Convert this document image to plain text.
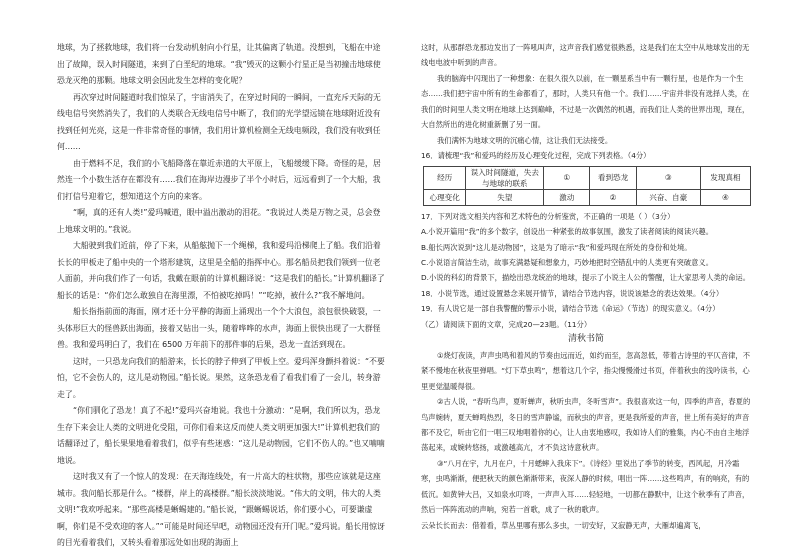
地球，为了拯救地球，我们将一台发动机射向小行星，让其偏离了轨道。没想到，飞船在中途出了故障，误入时间隧道，来到了白垩纪的地球。“我”毁灭的这颗小行星正是当初撞击地球使恐龙灭绝的那颗。地球文明会因此发生怎样的变化呢？

再次穿过时间隧道时我们惊呆了，宇宙消失了，在穿过时间的一瞬间，一直充斥天际的无线电信号突然消失了，我们的人类联合无线电信号中断了，我们的光学望远镜在地球附近没有找到任何光亮，这是一件非常奇怪的事情，我们用计算机检测全无线电频段，我们没有收到任何……

由于燃料不足，我们的小飞船降落在靠近赤道的大平原上，飞船缓缓下降。奇怪的是，居然连一个小数生活存在都没有……我们在海岸边漫步了半个小时后，远远看到了一个大船，我们打信号迎着它，想知道这个方向的来客。

“啊，真的还有人类!”爱玛喊道，眼中溢出激动的泪花。“我说过人类是万物之灵，总会登上地球文明的。”我说。

大船驶到我们近前，停了下来，从船舷抛下一个绳梯，我和爱玛沿梯爬上了船。我们沿着长长的甲板走了船中央的一个塔形建筑，这里是全船的指挥中心。那名船员把我们领到一位老人面前，并向我们作了一句话，我戴在眼前的计算机翻译说：“这是我们的船长。”计算机翻译了船长的话是：“你们怎么敢独自在海里漂，不怕被吃掉吗！”“吃掉，被什么?”我不解地问。

船长指指前面的海面，刚才还十分平静的海面上涌现出一个个大浪包，浪包很快破裂，一头体形巨大的怪兽跃出海面，接着又钻出一头，随着哗哗的水声，海面上很快出现了一大群怪兽。我和爱玛明白了，我们在 6500 万年前下的那件事的后果，恐龙一直活到现在。

这时，一只恐龙向我们的船游来，长长的脖子伸到了甲板上空。爱玛浑身颤抖着说：“不要怕，它不会伤人的，这儿是动物园。”船长说。果然，这条恐龙看了看我们看了一会儿，转身游走了。

“你们驯化了恐龙！真了不起!”爱玛兴奋地说。我也十分激动：“是啊，我们所以为，恐龙生存下来会让人类的文明进化受阻，可你们看来这反而使人类文明更加强大!”计算机把我们的话翻译过了，船长果果地看着我们，似乎有些迷惑：“这儿是动物园，它们不伤人的。”也又喃喃地说。

这时我又有了一个惊人的发现：在天海连线处，有一片高大的柱状物，那些应该就是这座城市。我问船长那是什么。“楼群，岸上的高楼群。”船长淡淡地说。“伟大的文明，伟大的人类文明!”我欢呼起来。“那些高楼是蜥蜴建的。”船长说，“跟蜥蜴说话，你们要小心，可要谦虚啊，你们是不受欢迎的客人。”“可能是时间还早吧，动物园还没有开门呢。”爱玛说。船长用惊讶的目光看着我们，又转头看着那远处如出现的海面上

这时，从那群恐龙那边发出了一阵吼叫声，这声音我们感觉很熟悉，这是我们在太空中从地球发出的无线电电波中听到的声音。

我的脑海中闪现出了一种想象：在很久很久以前，在一颗星系当中有一颗行星，也是作为一个生态……我们把宇宙中所有的生命都看了，那时，人类只有他一个。我们……宇宙并非没有选择人类，在我们的时间里人类文明在地球上达到巅峰，不过是一次偶然的机遇，而我们让人类的世界出现，现在，大自然所出的进化树重新删了另一面。

我们满怀为地球文明的沉痛心情，这让我们无法接受。

16．请梳理“我”和爱玛的经历及心理变化过程，完成下列表格。（4分）

经历	误入时间隧道，失去与地球的联系	①	看到恐龙	③	发现真相
心理变化	失望	激动	②	兴奋、自豪	④

17．下列对选文相关内容和艺术特色的分析鉴赏，不正确的一项是（ ）（3分）

A.小说开篇用“我”的多个数字，创设出一种紧张的故事氛围，激发了读者阅读的阅读兴趣。

B.船长两次说到“这儿是动物园”，这是为了暗示“我”和爱玛现在所处的身份和处境。

C.小说语言简洁生动，故事充满悬疑和想象力，巧妙地把时空错乱中的人类更有突破意义。

D.小说的科幻的背景下，描绘出恐龙统治的地球，提示了小说主人公的警醒，让大家思考人类的命运。

18．小说节选，通过设置悬念来展开情节，请结合节选内容，说说该悬念的表达效果。（4分）

19．有人说它是一部自我警醒的警示小说，请结合节选《命运》（节选）的现实意义。（4分）

（乙）请阅读下面的文章，完成20—23题。（11分）

清秋书简

①烧灯夜读，声声虫鸣和着风的节奏由远而近，如约而至，忽高忽低，带着古诗里的平仄音律，不紧不慢地在秋夜里弹唱。“灯下草虫鸣”，想着这几个字，指尖慢慢滑过书页，伴着秋虫的浅吟读书，心里更觉温暖得很。

②古人说，“春听鸟声，夏听蝉声，秋听虫声，冬听雪声”。我很喜欢这一句，四季的声音，春夏的鸟声婉转，夏天蝉鸣热烈，冬日的雪声静谧，而秋虫的声音，更是我所爱的声音，世上所有美好的声音都不及它，听由它们一唱三叹地唱着你的心，让人由衷地感叹，我如诗人们的雅集，内心不由自主地浮荡起来，或婉转悠扬，或激越高亢，才不负这诗意秋声。

③“八月在宇，九月在户，十月蟋蟀入我床下”。《诗经》里说出了季节的转变，西风起，月冷霜寒，虫鸣渐渐，便把秋天的颜色渐渐带来，夜深人静的时候，唱出一阵……这些鸣声，有的响亮，有的低沉。如黄钟大吕，又如泉水叮咚，一声声入耳……轻轻地，一切都在静默中，让这个秋季有了声音，然后一阵阵流动的声响，宛若一首歌，成了一秋的歌声。

云朵长长而去：借着看，草丛里哪有那么多虫，一切安好，又寂静无声，大雁却遍离飞，
